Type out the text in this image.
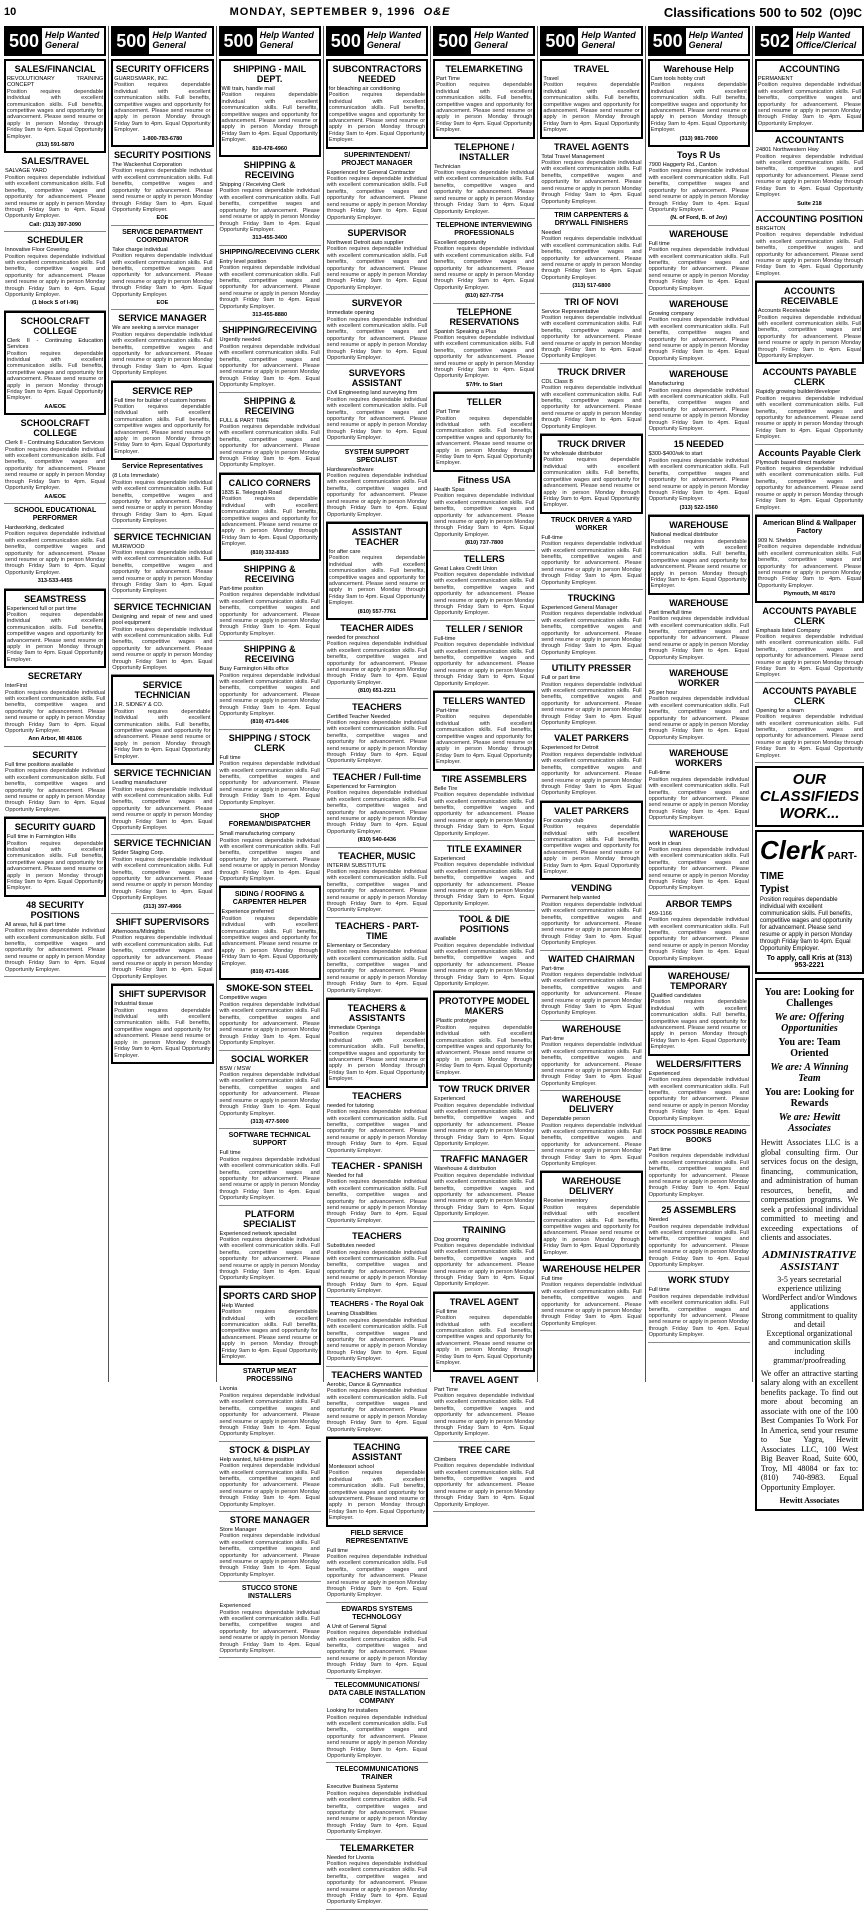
10	MONDAY, SEPTEMBER 9, 1996 O&E	Classifications 500 to 502 (O)9C
500 Help Wanted General
SALES/FINANCIAL
REVOLUTIONARY TRAINING CONCEPT
Position requires dependable individual with excellent communication skills. Full benefits, competitive wages and opportunity for advancement. Please send resume or apply in person Monday through Friday 9am to 4pm. Equal Opportunity Employer.
(313) 591-5870
SALES/TRAVEL
SALVAGE YARD
Position requires dependable individual with excellent communication skills. Full benefits, competitive wages and opportunity for advancement. Please send resume or apply in person Monday through Friday 9am to 4pm. Equal Opportunity Employer.
Call: (313) 397-3090
SCHEDULER
Innovative Floor Covering
Position requires dependable individual with excellent communication skills. Full benefits, competitive wages and opportunity for advancement. Please send resume or apply in person Monday through Friday 9am to 4pm. Equal Opportunity Employer.
(1 block S of I-96)
SCHOOLCRAFT COLLEGE
Clerk II - Continuing Education Services
Position requires dependable individual with excellent communication skills. Full benefits, competitive wages and opportunity for advancement. Please send resume or apply in person Monday through Friday 9am to 4pm. Equal Opportunity Employer.
AA/EOE
SCHOOLCRAFT COLLEGE
Clerk II - Continuing Education Services
Position requires dependable individual with excellent communication skills. Full benefits, competitive wages and opportunity for advancement. Please send resume or apply in person Monday through Friday 9am to 4pm. Equal Opportunity Employer.
AA/EOE
SCHOOL EDUCATIONAL PERFORMER
Hardworking, dedicated
Position requires dependable individual with excellent communication skills. Full benefits, competitive wages and opportunity for advancement. Please send resume or apply in person Monday through Friday 9am to 4pm. Equal Opportunity Employer.
313-533-4455
SEAMSTRESS
Experienced full or part time
Position requires dependable individual with excellent communication skills. Full benefits, competitive wages and opportunity for advancement. Please send resume or apply in person Monday through Friday 9am to 4pm. Equal Opportunity Employer.
SECRETARY
InterFirst
Position requires dependable individual with excellent communication skills. Full benefits, competitive wages and opportunity for advancement. Please send resume or apply in person Monday through Friday 9am to 4pm. Equal Opportunity Employer.
Ann Arbor, MI 48106
SECURITY
Full time positions available
Position requires dependable individual with excellent communication skills. Full benefits, competitive wages and opportunity for advancement. Please send resume or apply in person Monday through Friday 9am to 4pm. Equal Opportunity Employer.
SECURITY GUARD
Full time in Farmington Hills
Position requires dependable individual with excellent communication skills. Full benefits, competitive wages and opportunity for advancement. Please send resume or apply in person Monday through Friday 9am to 4pm. Equal Opportunity Employer.
48 SECURITY POSITIONS
All areas, full & part time
Position requires dependable individual with excellent communication skills. Full benefits, competitive wages and opportunity for advancement. Please send resume or apply in person Monday through Friday 9am to 4pm. Equal Opportunity Employer.
500 Help Wanted General
SECURITY OFFICERS
GUARDSMARK, INC.
Position requires dependable individual with excellent communication skills. Full benefits, competitive wages and opportunity for advancement. Please send resume or apply in person Monday through Friday 9am to 4pm. Equal Opportunity Employer.
1-800-783-6780
SECURITY POSITIONS
The Wackenhut Corporation
Position requires dependable individual with excellent communication skills. Full benefits, competitive wages and opportunity for advancement. Please send resume or apply in person Monday through Friday 9am to 4pm. Equal Opportunity Employer.
EOE
SERVICE DEPARTMENT COORDINATOR
Take charge individual
Position requires dependable individual with excellent communication skills. Full benefits, competitive wages and opportunity for advancement. Please send resume or apply in person Monday through Friday 9am to 4pm. Equal Opportunity Employer.
EOE
SERVICE MANAGER
We are seeking a service manager
Position requires dependable individual with excellent communication skills. Full benefits, competitive wages and opportunity for advancement. Please send resume or apply in person Monday through Friday 9am to 4pm. Equal Opportunity Employer.
SERVICE REP
Full time for builder of custom homes
Position requires dependable individual with excellent communication skills. Full benefits, competitive wages and opportunity for advancement. Please send resume or apply in person Monday through Friday 9am to 4pm. Equal Opportunity Employer.
Service Representatives
(8 Lots Immediate)
Position requires dependable individual with excellent communication skills. Full benefits, competitive wages and opportunity for advancement. Please send resume or apply in person Monday through Friday 9am to 4pm. Equal Opportunity Employer.
SERVICE TECHNICIAN
MUIRWOOD
Position requires dependable individual with excellent communication skills. Full benefits, competitive wages and opportunity for advancement. Please send resume or apply in person Monday through Friday 9am to 4pm. Equal Opportunity Employer.
SERVICE TECHNICIAN
Designing and repair of new and used pool equipment
Position requires dependable individual with excellent communication skills. Full benefits, competitive wages and opportunity for advancement. Please send resume or apply in person Monday through Friday 9am to 4pm. Equal Opportunity Employer.
SERVICE TECHNICIAN
J.R. SIDNEY & CO.
Position requires dependable individual with excellent communication skills. Full benefits, competitive wages and opportunity for advancement. Please send resume or apply in person Monday through Friday 9am to 4pm. Equal Opportunity Employer.
SERVICE TECHNICIAN
Leading manufacturer
Position requires dependable individual with excellent communication skills. Full benefits, competitive wages and opportunity for advancement. Please send resume or apply in person Monday through Friday 9am to 4pm. Equal Opportunity Employer.
SERVICE TECHNICIAN
Spider Staging Corp.
Position requires dependable individual with excellent communication skills. Full benefits, competitive wages and opportunity for advancement. Please send resume or apply in person Monday through Friday 9am to 4pm. Equal Opportunity Employer.
(313) 397-4966
SHIFT SUPERVISORS
Afternoons/Midnights
Position requires dependable individual with excellent communication skills. Full benefits, competitive wages and opportunity for advancement. Please send resume or apply in person Monday through Friday 9am to 4pm. Equal Opportunity Employer.
SHIFT SUPERVISOR
Industrial tissue
Position requires dependable individual with excellent communication skills. Full benefits, competitive wages and opportunity for advancement. Please send resume or apply in person Monday through Friday 9am to 4pm. Equal Opportunity Employer.
500 Help Wanted General
SHIPPING - MAIL DEPT.
Will train, handle mail
Position requires dependable individual with excellent communication skills. Full benefits, competitive wages and opportunity for advancement. Please send resume or apply in person Monday through Friday 9am to 4pm. Equal Opportunity Employer.
810-478-4960
SHIPPING & RECEIVING
Shipping / Receiving Clerk
Position requires dependable individual with excellent communication skills. Full benefits, competitive wages and opportunity for advancement. Please send resume or apply in person Monday through Friday 9am to 4pm. Equal Opportunity Employer.
313-455-3400
SHIPPING/RECEIVING CLERK
Entry level position
Position requires dependable individual with excellent communication skills. Full benefits, competitive wages and opportunity for advancement. Please send resume or apply in person Monday through Friday 9am to 4pm. Equal Opportunity Employer.
313-455-8880
SHIPPING/RECEIVING
Urgently needed
Position requires dependable individual with excellent communication skills. Full benefits, competitive wages and opportunity for advancement. Please send resume or apply in person Monday through Friday 9am to 4pm. Equal Opportunity Employer.
SHIPPING & RECEIVING
FULL & PART TIME
Position requires dependable individual with excellent communication skills. Full benefits, competitive wages and opportunity for advancement. Please send resume or apply in person Monday through Friday 9am to 4pm. Equal Opportunity Employer.
CALICO CORNERS
1835 E. Telegraph Road
Position requires dependable individual with excellent communication skills. Full benefits, competitive wages and opportunity for advancement. Please send resume or apply in person Monday through Friday 9am to 4pm. Equal Opportunity Employer.
(810) 332-8183
SHIPPING & RECEIVING
Part-time position
Position requires dependable individual with excellent communication skills. Full benefits, competitive wages and opportunity for advancement. Please send resume or apply in person Monday through Friday 9am to 4pm. Equal Opportunity Employer.
SHIPPING & RECEIVING
Busy Farmington Hills office
Position requires dependable individual with excellent communication skills. Full benefits, competitive wages and opportunity for advancement. Please send resume or apply in person Monday through Friday 9am to 4pm. Equal Opportunity Employer.
(810) 471-6406
SHIPPING / STOCK CLERK
Full time
Position requires dependable individual with excellent communication skills. Full benefits, competitive wages and opportunity for advancement. Please send resume or apply in person Monday through Friday 9am to 4pm. Equal Opportunity Employer.
SHOP FOREMAN/DISPATCHER
Small manufacturing company
Position requires dependable individual with excellent communication skills. Full benefits, competitive wages and opportunity for advancement. Please send resume or apply in person Monday through Friday 9am to 4pm. Equal Opportunity Employer.
SIDING / ROOFING & CARPENTER HELPER
Experience preferred
Position requires dependable individual with excellent communication skills. Full benefits, competitive wages and opportunity for advancement. Please send resume or apply in person Monday through Friday 9am to 4pm. Equal Opportunity Employer.
(810) 471-4166
SMOKE-SON STEEL
Competitive wages
Position requires dependable individual with excellent communication skills. Full benefits, competitive wages and opportunity for advancement. Please send resume or apply in person Monday through Friday 9am to 4pm. Equal Opportunity Employer.
SOCIAL WORKER
BSW / MSW
Position requires dependable individual with excellent communication skills. Full benefits, competitive wages and opportunity for advancement. Please send resume or apply in person Monday through Friday 9am to 4pm. Equal Opportunity Employer.
(313) 477-5000
SOFTWARE TECHNICAL SUPPORT
Full time
Position requires dependable individual with excellent communication skills. Full benefits, competitive wages and opportunity for advancement. Please send resume or apply in person Monday through Friday 9am to 4pm. Equal Opportunity Employer.
PLATFORM SPECIALIST
Experienced network specialist
Position requires dependable individual with excellent communication skills. Full benefits, competitive wages and opportunity for advancement. Please send resume or apply in person Monday through Friday 9am to 4pm. Equal Opportunity Employer.
SPORTS CARD SHOP
Help Wanted
Position requires dependable individual with excellent communication skills. Full benefits, competitive wages and opportunity for advancement. Please send resume or apply in person Monday through Friday 9am to 4pm. Equal Opportunity Employer.
STARTUP MEAT PROCESSING
Livonia
Position requires dependable individual with excellent communication skills. Full benefits, competitive wages and opportunity for advancement. Please send resume or apply in person Monday through Friday 9am to 4pm. Equal Opportunity Employer.
STOCK & DISPLAY
Help wanted, full-time position
Position requires dependable individual with excellent communication skills. Full benefits, competitive wages and opportunity for advancement. Please send resume or apply in person Monday through Friday 9am to 4pm. Equal Opportunity Employer.
STORE MANAGER
Store Manager
Position requires dependable individual with excellent communication skills. Full benefits, competitive wages and opportunity for advancement. Please send resume or apply in person Monday through Friday 9am to 4pm. Equal Opportunity Employer.
STUCCO STONE INSTALLERS
Experienced
Position requires dependable individual with excellent communication skills. Full benefits, competitive wages and opportunity for advancement. Please send resume or apply in person Monday through Friday 9am to 4pm. Equal Opportunity Employer.
500 Help Wanted General
SUBCONTRACTORS NEEDED
for bleaching air conditioning
Position requires dependable individual with excellent communication skills. Full benefits, competitive wages and opportunity for advancement. Please send resume or apply in person Monday through Friday 9am to 4pm. Equal Opportunity Employer.
SUPERINTENDENT/ PROJECT MANAGER
Experienced for General Contractor
Position requires dependable individual with excellent communication skills. Full benefits, competitive wages and opportunity for advancement. Please send resume or apply in person Monday through Friday 9am to 4pm. Equal Opportunity Employer.
SUPERVISOR
Northwest Detroit auto supplier
Position requires dependable individual with excellent communication skills. Full benefits, competitive wages and opportunity for advancement. Please send resume or apply in person Monday through Friday 9am to 4pm. Equal Opportunity Employer.
SURVEYOR
Immediate opening
Position requires dependable individual with excellent communication skills. Full benefits, competitive wages and opportunity for advancement. Please send resume or apply in person Monday through Friday 9am to 4pm. Equal Opportunity Employer.
SURVEYORS ASSISTANT
Civil Engineering land surveying firm
Position requires dependable individual with excellent communication skills. Full benefits, competitive wages and opportunity for advancement. Please send resume or apply in person Monday through Friday 9am to 4pm. Equal Opportunity Employer.
SYSTEM SUPPORT SPECIALIST
Hardware/software
Position requires dependable individual with excellent communication skills. Full benefits, competitive wages and opportunity for advancement. Please send resume or apply in person Monday through Friday 9am to 4pm. Equal Opportunity Employer.
ASSISTANT TEACHER
for after care
Position requires dependable individual with excellent communication skills. Full benefits, competitive wages and opportunity for advancement. Please send resume or apply in person Monday through Friday 9am to 4pm. Equal Opportunity Employer.
(810) 557-7761
TEACHER AIDES
needed for preschool
Position requires dependable individual with excellent communication skills. Full benefits, competitive wages and opportunity for advancement. Please send resume or apply in person Monday through Friday 9am to 4pm. Equal Opportunity Employer.
(810) 651-2211
TEACHERS
Certified Teacher Needed
Position requires dependable individual with excellent communication skills. Full benefits, competitive wages and opportunity for advancement. Please send resume or apply in person Monday through Friday 9am to 4pm. Equal Opportunity Employer.
TEACHER / Full-time
Experienced for Farmington
Position requires dependable individual with excellent communication skills. Full benefits, competitive wages and opportunity for advancement. Please send resume or apply in person Monday through Friday 9am to 4pm. Equal Opportunity Employer.
(810) 540-6436
TEACHER, MUSIC
INTERIM SUBSTITUTE
Position requires dependable individual with excellent communication skills. Full benefits, competitive wages and opportunity for advancement. Please send resume or apply in person Monday through Friday 9am to 4pm. Equal Opportunity Employer.
TEACHERS - PART-TIME
Elementary or Secondary
Position requires dependable individual with excellent communication skills. Full benefits, competitive wages and opportunity for advancement. Please send resume or apply in person Monday through Friday 9am to 4pm. Equal Opportunity Employer.
TEACHERS & ASSISTANTS
Immediate Openings
Position requires dependable individual with excellent communication skills. Full benefits, competitive wages and opportunity for advancement. Please send resume or apply in person Monday through Friday 9am to 4pm. Equal Opportunity Employer.
TEACHERS
needed for tutoring
Position requires dependable individual with excellent communication skills. Full benefits, competitive wages and opportunity for advancement. Please send resume or apply in person Monday through Friday 9am to 4pm. Equal Opportunity Employer.
TEACHER - SPANISH
Needed for fall
Position requires dependable individual with excellent communication skills. Full benefits, competitive wages and opportunity for advancement. Please send resume or apply in person Monday through Friday 9am to 4pm. Equal Opportunity Employer.
TEACHERS
Substitutes needed
Position requires dependable individual with excellent communication skills. Full benefits, competitive wages and opportunity for advancement. Please send resume or apply in person Monday through Friday 9am to 4pm. Equal Opportunity Employer.
TEACHERS - The Royal Oak
Learning Disabilities
Position requires dependable individual with excellent communication skills. Full benefits, competitive wages and opportunity for advancement. Please send resume or apply in person Monday through Friday 9am to 4pm. Equal Opportunity Employer.
TEACHERS WANTED
Aerobic, Dance & Gymnastics
Position requires dependable individual with excellent communication skills. Full benefits, competitive wages and opportunity for advancement. Please send resume or apply in person Monday through Friday 9am to 4pm. Equal Opportunity Employer.
TEACHING ASSISTANT
Montessori school
Position requires dependable individual with excellent communication skills. Full benefits, competitive wages and opportunity for advancement. Please send resume or apply in person Monday through Friday 9am to 4pm. Equal Opportunity Employer.
FIELD SERVICE REPRESENTATIVE
Full time
Position requires dependable individual with excellent communication skills. Full benefits, competitive wages and opportunity for advancement. Please send resume or apply in person Monday through Friday 9am to 4pm. Equal Opportunity Employer.
EDWARDS SYSTEMS TECHNOLOGY
A Unit of General Signal
Position requires dependable individual with excellent communication skills. Full benefits, competitive wages and opportunity for advancement. Please send resume or apply in person Monday through Friday 9am to 4pm. Equal Opportunity Employer.
TELECOMMUNICATIONS/ DATA CABLE INSTALLATION COMPANY
Looking for installers
Position requires dependable individual with excellent communication skills. Full benefits, competitive wages and opportunity for advancement. Please send resume or apply in person Monday through Friday 9am to 4pm. Equal Opportunity Employer.
TELECOMMUNICATIONS TRAINER
Executive Business Systems
Position requires dependable individual with excellent communication skills. Full benefits, competitive wages and opportunity for advancement. Please send resume or apply in person Monday through Friday 9am to 4pm. Equal Opportunity Employer.
TELEMARKETER
Needed for Livonia
Position requires dependable individual with excellent communication skills. Full benefits, competitive wages and opportunity for advancement. Please send resume or apply in person Monday through Friday 9am to 4pm. Equal Opportunity Employer.
500 Help Wanted General
TELEMARKETING
Part Time
Position requires dependable individual with excellent communication skills. Full benefits, competitive wages and opportunity for advancement. Please send resume or apply in person Monday through Friday 9am to 4pm. Equal Opportunity Employer.
TELEPHONE / INSTALLER
Technician
Position requires dependable individual with excellent communication skills. Full benefits, competitive wages and opportunity for advancement. Please send resume or apply in person Monday through Friday 9am to 4pm. Equal Opportunity Employer.
TELEPHONE INTERVIEWING PROFESSIONALS
Excellent opportunity
Position requires dependable individual with excellent communication skills. Full benefits, competitive wages and opportunity for advancement. Please send resume or apply in person Monday through Friday 9am to 4pm. Equal Opportunity Employer.
(810) 827-7754
TELEPHONE RESERVATIONS
Spanish Speaking a Plus
Position requires dependable individual with excellent communication skills. Full benefits, competitive wages and opportunity for advancement. Please send resume or apply in person Monday through Friday 9am to 4pm. Equal Opportunity Employer.
$7/Hr. to Start
TELLER
Part Time
Position requires dependable individual with excellent communication skills. Full benefits, competitive wages and opportunity for advancement. Please send resume or apply in person Monday through Friday 9am to 4pm. Equal Opportunity Employer.
Fitness USA
Health Spas
Position requires dependable individual with excellent communication skills. Full benefits, competitive wages and opportunity for advancement. Please send resume or apply in person Monday through Friday 9am to 4pm. Equal Opportunity Employer.
(810) 737-7800
TELLERS
Great Lakes Credit Union
Position requires dependable individual with excellent communication skills. Full benefits, competitive wages and opportunity for advancement. Please send resume or apply in person Monday through Friday 9am to 4pm. Equal Opportunity Employer.
TELLER / SENIOR
Full-time
Position requires dependable individual with excellent communication skills. Full benefits, competitive wages and opportunity for advancement. Please send resume or apply in person Monday through Friday 9am to 4pm. Equal Opportunity Employer.
TELLERS WANTED
Part-time
Position requires dependable individual with excellent communication skills. Full benefits, competitive wages and opportunity for advancement. Please send resume or apply in person Monday through Friday 9am to 4pm. Equal Opportunity Employer.
TIRE ASSEMBLERS
Belle Tire
Position requires dependable individual with excellent communication skills. Full benefits, competitive wages and opportunity for advancement. Please send resume or apply in person Monday through Friday 9am to 4pm. Equal Opportunity Employer.
TITLE EXAMINER
Experienced
Position requires dependable individual with excellent communication skills. Full benefits, competitive wages and opportunity for advancement. Please send resume or apply in person Monday through Friday 9am to 4pm. Equal Opportunity Employer.
TOOL & DIE POSITIONS
available
Position requires dependable individual with excellent communication skills. Full benefits, competitive wages and opportunity for advancement. Please send resume or apply in person Monday through Friday 9am to 4pm. Equal Opportunity Employer.
PROTOTYPE MODEL MAKERS
Plastic prototype
Position requires dependable individual with excellent communication skills. Full benefits, competitive wages and opportunity for advancement. Please send resume or apply in person Monday through Friday 9am to 4pm. Equal Opportunity Employer.
TOW TRUCK DRIVER
Experienced
Position requires dependable individual with excellent communication skills. Full benefits, competitive wages and opportunity for advancement. Please send resume or apply in person Monday through Friday 9am to 4pm. Equal Opportunity Employer.
TRAFFIC MANAGER
Warehouse & distribution
Position requires dependable individual with excellent communication skills. Full benefits, competitive wages and opportunity for advancement. Please send resume or apply in person Monday through Friday 9am to 4pm. Equal Opportunity Employer.
TRAINING
Dog grooming
Position requires dependable individual with excellent communication skills. Full benefits, competitive wages and opportunity for advancement. Please send resume or apply in person Monday through Friday 9am to 4pm. Equal Opportunity Employer.
TRAVEL AGENT
Full time
Position requires dependable individual with excellent communication skills. Full benefits, competitive wages and opportunity for advancement. Please send resume or apply in person Monday through Friday 9am to 4pm. Equal Opportunity Employer.
TRAVEL AGENT
Part Time
Position requires dependable individual with excellent communication skills. Full benefits, competitive wages and opportunity for advancement. Please send resume or apply in person Monday through Friday 9am to 4pm. Equal Opportunity Employer.
TREE CARE
Climbers
Position requires dependable individual with excellent communication skills. Full benefits, competitive wages and opportunity for advancement. Please send resume or apply in person Monday through Friday 9am to 4pm. Equal Opportunity Employer.
500 Help Wanted General
TRAVEL
Travel
Position requires dependable individual with excellent communication skills. Full benefits, competitive wages and opportunity for advancement. Please send resume or apply in person Monday through Friday 9am to 4pm. Equal Opportunity Employer.
TRAVEL AGENTS
Total Travel Management
Position requires dependable individual with excellent communication skills. Full benefits, competitive wages and opportunity for advancement. Please send resume or apply in person Monday through Friday 9am to 4pm. Equal Opportunity Employer.
TRIM CARPENTERS & DRYWALL FINISHERS
Needed
Position requires dependable individual with excellent communication skills. Full benefits, competitive wages and opportunity for advancement. Please send resume or apply in person Monday through Friday 9am to 4pm. Equal Opportunity Employer.
(313) 517-6800
TRI OF NOVI
Service Representative
Position requires dependable individual with excellent communication skills. Full benefits, competitive wages and opportunity for advancement. Please send resume or apply in person Monday through Friday 9am to 4pm. Equal Opportunity Employer.
TRUCK DRIVER
CDL Class B
Position requires dependable individual with excellent communication skills. Full benefits, competitive wages and opportunity for advancement. Please send resume or apply in person Monday through Friday 9am to 4pm. Equal Opportunity Employer.
TRUCK DRIVER
for wholesale distributor
Position requires dependable individual with excellent communication skills. Full benefits, competitive wages and opportunity for advancement. Please send resume or apply in person Monday through Friday 9am to 4pm. Equal Opportunity Employer.
TRUCK DRIVER & YARD WORKER
Full-time
Position requires dependable individual with excellent communication skills. Full benefits, competitive wages and opportunity for advancement. Please send resume or apply in person Monday through Friday 9am to 4pm. Equal Opportunity Employer.
TRUCKING
Experienced General Manager
Position requires dependable individual with excellent communication skills. Full benefits, competitive wages and opportunity for advancement. Please send resume or apply in person Monday through Friday 9am to 4pm. Equal Opportunity Employer.
UTILITY PRESSER
Full or part time
Position requires dependable individual with excellent communication skills. Full benefits, competitive wages and opportunity for advancement. Please send resume or apply in person Monday through Friday 9am to 4pm. Equal Opportunity Employer.
VALET PARKERS
Experienced for Detroit
Position requires dependable individual with excellent communication skills. Full benefits, competitive wages and opportunity for advancement. Please send resume or apply in person Monday through Friday 9am to 4pm. Equal Opportunity Employer.
VALET PARKERS
For country club
Position requires dependable individual with excellent communication skills. Full benefits, competitive wages and opportunity for advancement. Please send resume or apply in person Monday through Friday 9am to 4pm. Equal Opportunity Employer.
VENDING
Permanent help wanted
Position requires dependable individual with excellent communication skills. Full benefits, competitive wages and opportunity for advancement. Please send resume or apply in person Monday through Friday 9am to 4pm. Equal Opportunity Employer.
WAITED CHAIRMAN
Part-time
Position requires dependable individual with excellent communication skills. Full benefits, competitive wages and opportunity for advancement. Please send resume or apply in person Monday through Friday 9am to 4pm. Equal Opportunity Employer.
WAREHOUSE
Part-time
Position requires dependable individual with excellent communication skills. Full benefits, competitive wages and opportunity for advancement. Please send resume or apply in person Monday through Friday 9am to 4pm. Equal Opportunity Employer.
WAREHOUSE DELIVERY
Dependable person
Position requires dependable individual with excellent communication skills. Full benefits, competitive wages and opportunity for advancement. Please send resume or apply in person Monday through Friday 9am to 4pm. Equal Opportunity Employer.
WAREHOUSE DELIVERY
Receive inventory
Position requires dependable individual with excellent communication skills. Full benefits, competitive wages and opportunity for advancement. Please send resume or apply in person Monday through Friday 9am to 4pm. Equal Opportunity Employer.
WAREHOUSE HELPER
Full time
Position requires dependable individual with excellent communication skills. Full benefits, competitive wages and opportunity for advancement. Please send resume or apply in person Monday through Friday 9am to 4pm. Equal Opportunity Employer.
500 Help Wanted General
Warehouse Help
Cam tools hobby craft
Position requires dependable individual with excellent communication skills. Full benefits, competitive wages and opportunity for advancement. Please send resume or apply in person Monday through Friday 9am to 4pm. Equal Opportunity Employer.
(313) 981-7000
Toys R Us
7900 Haggerty Rd., Canton
Position requires dependable individual with excellent communication skills. Full benefits, competitive wages and opportunity for advancement. Please send resume or apply in person Monday through Friday 9am to 4pm. Equal Opportunity Employer.
(N. of Ford, B. of Joy)
WAREHOUSE
Full time
Position requires dependable individual with excellent communication skills. Full benefits, competitive wages and opportunity for advancement. Please send resume or apply in person Monday through Friday 9am to 4pm. Equal Opportunity Employer.
WAREHOUSE
Growing company
Position requires dependable individual with excellent communication skills. Full benefits, competitive wages and opportunity for advancement. Please send resume or apply in person Monday through Friday 9am to 4pm. Equal Opportunity Employer.
WAREHOUSE
Manufacturing
Position requires dependable individual with excellent communication skills. Full benefits, competitive wages and opportunity for advancement. Please send resume or apply in person Monday through Friday 9am to 4pm. Equal Opportunity Employer.
15 NEEDED
$300-$400/wk to start
Position requires dependable individual with excellent communication skills. Full benefits, competitive wages and opportunity for advancement. Please send resume or apply in person Monday through Friday 9am to 4pm. Equal Opportunity Employer.
(313) 522-1560
WAREHOUSE
National medical distributor
Position requires dependable individual with excellent communication skills. Full benefits, competitive wages and opportunity for advancement. Please send resume or apply in person Monday through Friday 9am to 4pm. Equal Opportunity Employer.
WAREHOUSE
Part time/full time
Position requires dependable individual with excellent communication skills. Full benefits, competitive wages and opportunity for advancement. Please send resume or apply in person Monday through Friday 9am to 4pm. Equal Opportunity Employer.
WAREHOUSE WORKER
36 per hour
Position requires dependable individual with excellent communication skills. Full benefits, competitive wages and opportunity for advancement. Please send resume or apply in person Monday through Friday 9am to 4pm. Equal Opportunity Employer.
WAREHOUSE WORKERS
Full-time
Position requires dependable individual with excellent communication skills. Full benefits, competitive wages and opportunity for advancement. Please send resume or apply in person Monday through Friday 9am to 4pm. Equal Opportunity Employer.
WAREHOUSE
work in clean
Position requires dependable individual with excellent communication skills. Full benefits, competitive wages and opportunity for advancement. Please send resume or apply in person Monday through Friday 9am to 4pm. Equal Opportunity Employer.
ARBOR TEMPS
459-1166
Position requires dependable individual with excellent communication skills. Full benefits, competitive wages and opportunity for advancement. Please send resume or apply in person Monday through Friday 9am to 4pm. Equal Opportunity Employer.
WAREHOUSE/ TEMPORARY
Qualified candidates
Position requires dependable individual with excellent communication skills. Full benefits, competitive wages and opportunity for advancement. Please send resume or apply in person Monday through Friday 9am to 4pm. Equal Opportunity Employer.
WELDERS/FITTERS
Experienced
Position requires dependable individual with excellent communication skills. Full benefits, competitive wages and opportunity for advancement. Please send resume or apply in person Monday through Friday 9am to 4pm. Equal Opportunity Employer.
STOCK POSSIBLE READING BOOKS
Part time
Position requires dependable individual with excellent communication skills. Full benefits, competitive wages and opportunity for advancement. Please send resume or apply in person Monday through Friday 9am to 4pm. Equal Opportunity Employer.
25 ASSEMBLERS
Needed
Position requires dependable individual with excellent communication skills. Full benefits, competitive wages and opportunity for advancement. Please send resume or apply in person Monday through Friday 9am to 4pm. Equal Opportunity Employer.
WORK STUDY
Full time
Position requires dependable individual with excellent communication skills. Full benefits, competitive wages and opportunity for advancement. Please send resume or apply in person Monday through Friday 9am to 4pm. Equal Opportunity Employer.
502 Help Wanted Office/Clerical
ACCOUNTING
PERMANENT
Position requires dependable individual with excellent communication skills. Full benefits, competitive wages and opportunity for advancement. Please send resume or apply in person Monday through Friday 9am to 4pm. Equal Opportunity Employer.
ACCOUNTANTS
24801 Northwestern Hwy
Position requires dependable individual with excellent communication skills. Full benefits, competitive wages and opportunity for advancement. Please send resume or apply in person Monday through Friday 9am to 4pm. Equal Opportunity Employer.
Suite 218
ACCOUNTING POSITION
BRIGHTON
Position requires dependable individual with excellent communication skills. Full benefits, competitive wages and opportunity for advancement. Please send resume or apply in person Monday through Friday 9am to 4pm. Equal Opportunity Employer.
ACCOUNTS RECEIVABLE
Accounts Receivable
Position requires dependable individual with excellent communication skills. Full benefits, competitive wages and opportunity for advancement. Please send resume or apply in person Monday through Friday 9am to 4pm. Equal Opportunity Employer.
ACCOUNTS PAYABLE CLERK
Rapidly growing builder/developer
Position requires dependable individual with excellent communication skills. Full benefits, competitive wages and opportunity for advancement. Please send resume or apply in person Monday through Friday 9am to 4pm. Equal Opportunity Employer.
Accounts Payable Clerk
Plymouth based direct marketer
Position requires dependable individual with excellent communication skills. Full benefits, competitive wages and opportunity for advancement. Please send resume or apply in person Monday through Friday 9am to 4pm. Equal Opportunity Employer.
American Blind & Wallpaper Factory
909 N. Sheldon
Position requires dependable individual with excellent communication skills. Full benefits, competitive wages and opportunity for advancement. Please send resume or apply in person Monday through Friday 9am to 4pm. Equal Opportunity Employer.
Plymouth, MI 48170
ACCOUNTS PAYABLE CLERK
Emphasis listed Company
Position requires dependable individual with excellent communication skills. Full benefits, competitive wages and opportunity for advancement. Please send resume or apply in person Monday through Friday 9am to 4pm. Equal Opportunity Employer.
ACCOUNTS PAYABLE CLERK
Opening for a team
Position requires dependable individual with excellent communication skills. Full benefits, competitive wages and opportunity for advancement. Please send resume or apply in person Monday through Friday 9am to 4pm. Equal Opportunity Employer.
OUR CLASSIFIEDS WORK...
Clerk PART-TIME
Typist

Position requires dependable individual with excellent communication skills. Full benefits, competitive wages and opportunity for advancement. Please send resume or apply in person Monday through Friday 9am to 4pm. Equal Opportunity Employer.

To apply, call Kris at (313) 953-2221
You are: Looking for Challenges
We are: Offering Opportunities
You are: Team Oriented
We are: A Winning Team
You are: Looking for Rewards
We are: Hewitt Associates

Hewitt Associates LLC is a global consulting firm. Our services focus on the design, financing, communication, and administration of human resources, benefit, and compensation programs. We seek a professional individual committed to meeting and exceeding expectations of clients and associates.

ADMINISTRATIVE ASSISTANT
3-5 years secretarial experience utilizing WordPerfect and/or Windows applications
Strong commitment to quality and detail
Exceptional organizational and communication skills including grammar/proofreading

We offer an attractive starting salary along with an excellent benefits package. To find out more about becoming an associate with one of the 100 Best Companies To Work For In America, send your resume to Sue Yagra, Hewitt Associates LLC, 100 West Big Beaver Road, Suite 600, Troy, MI 48084 or fax to: (810) 740-8983. Equal Opportunity Employer.

Hewitt Associates
